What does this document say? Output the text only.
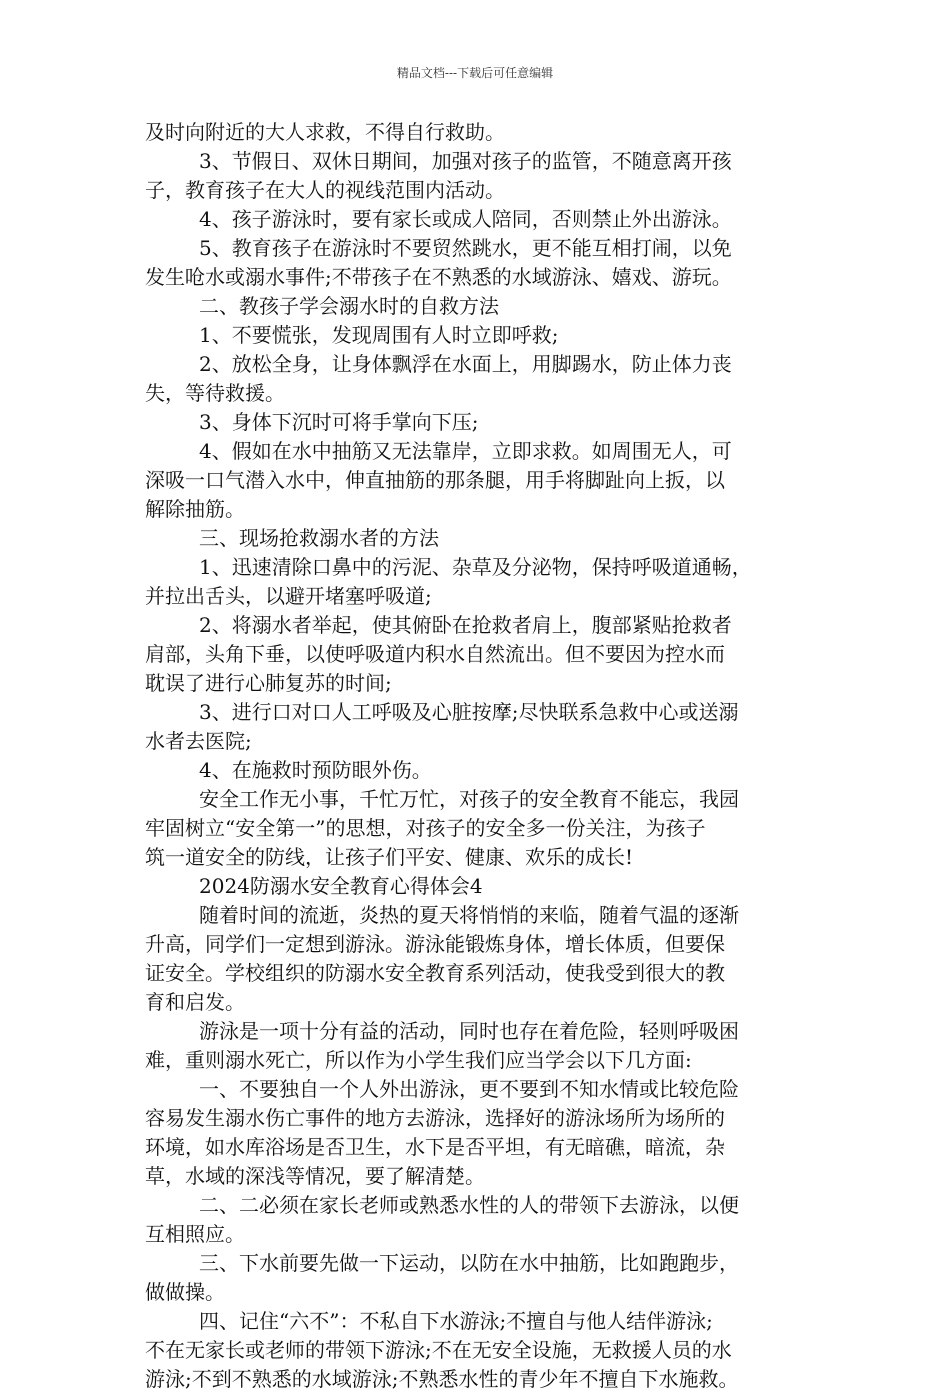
精品文档---下载后可任意编辑
及时向附近的大人求救，不得自行救助。
3、节假日、双休日期间，加强对孩子的监管，不随意离开孩
子，教育孩子在大人的视线范围内活动。
4、孩子游泳时，要有家长或成人陪同，否则禁止外出游泳。
5、教育孩子在游泳时不要贸然跳水，更不能互相打闹，以免
发生呛水或溺水事件;不带孩子在不熟悉的水域游泳、嬉戏、游玩。
二、教孩子学会溺水时的自救方法
1、不要慌张，发现周围有人时立即呼救;
2、放松全身，让身体飘浮在水面上，用脚踢水，防止体力丧
失，等待救援。
3、身体下沉时可将手掌向下压;
4、假如在水中抽筋又无法靠岸，立即求救。如周围无人，可
深吸一口气潜入水中，伸直抽筋的那条腿，用手将脚趾向上扳，以
解除抽筋。
三、现场抢救溺水者的方法
1、迅速清除口鼻中的污泥、杂草及分泌物，保持呼吸道通畅，
并拉出舌头，以避开堵塞呼吸道;
2、将溺水者举起，使其俯卧在抢救者肩上，腹部紧贴抢救者
肩部，头角下垂，以使呼吸道内积水自然流出。但不要因为控水而
耽误了进行心肺复苏的时间;
3、进行口对口人工呼吸及心脏按摩;尽快联系急救中心或送溺
水者去医院;
4、在施救时预防眼外伤。
安全工作无小事，千忙万忙，对孩子的安全教育不能忘，我园
牢固树立“安全第一”的思想，对孩子的安全多一份关注，为孩子
筑一道安全的防线，让孩子们平安、健康、欢乐的成长!
2024防溺水安全教育心得体会4
随着时间的流逝，炎热的夏天将悄悄的来临，随着气温的逐渐
升高，同学们一定想到游泳。游泳能锻炼身体，增长体质，但要保
证安全。学校组织的防溺水安全教育系列活动，使我受到很大的教
育和启发。
游泳是一项十分有益的活动，同时也存在着危险，轻则呼吸困
难，重则溺水死亡，所以作为小学生我们应当学会以下几方面:
一、不要独自一个人外出游泳，更不要到不知水情或比较危险
容易发生溺水伤亡事件的地方去游泳，选择好的游泳场所为场所的
环境，如水库浴场是否卫生，水下是否平坦，有无暗礁，暗流，杂
草，水域的深浅等情况，要了解清楚。
二、二必须在家长老师或熟悉水性的人的带领下去游泳，以便
互相照应。
三、下水前要先做一下运动，以防在水中抽筋，比如跑跑步，
做做操。
四、记住“六不”：不私自下水游泳;不擅自与他人结伴游泳;
不在无家长或老师的带领下游泳;不在无安全设施，无救援人员的水
游泳;不到不熟悉的水域游泳;不熟悉水性的青少年不擅自下水施救。
